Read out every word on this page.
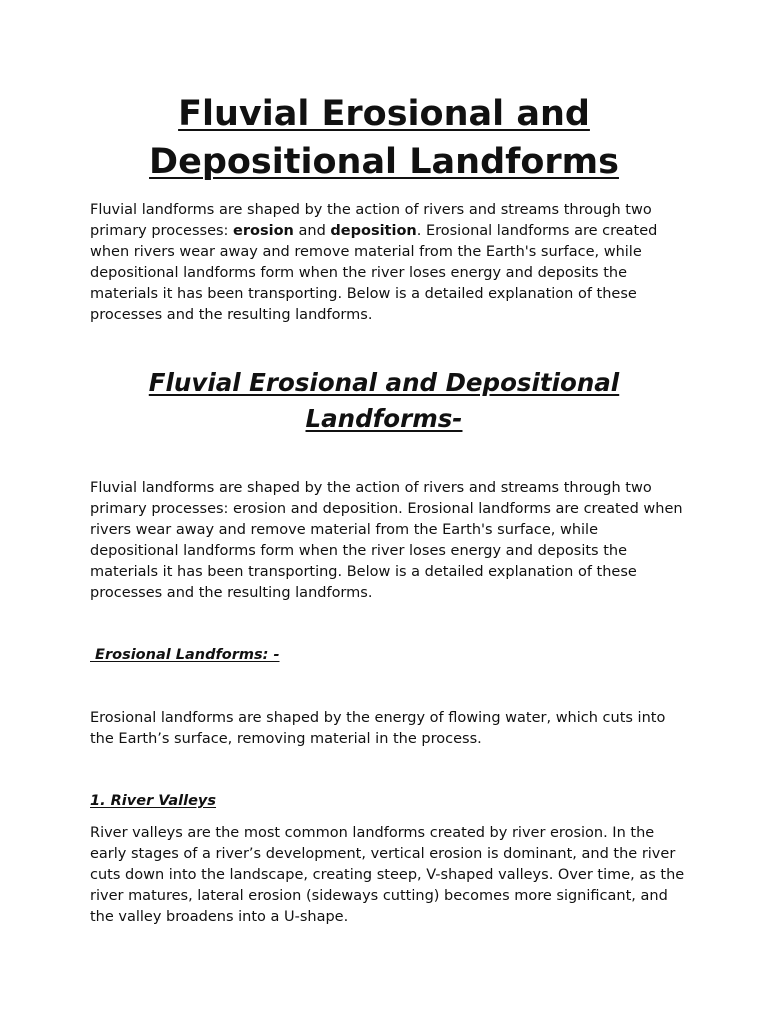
Fluvial Erosional and Depositional Landforms

Fluvial landforms are shaped by the action of rivers and streams through two primary processes: erosion and deposition. Erosional landforms are created when rivers wear away and remove material from the Earth's surface, while depositional landforms form when the river loses energy and deposits the materials it has been transporting. Below is a detailed explanation of these processes and the resulting landforms.

Fluvial Erosional and Depositional Landforms-

Fluvial landforms are shaped by the action of rivers and streams through two primary processes: erosion and deposition. Erosional landforms are created when rivers wear away and remove material from the Earth's surface, while depositional landforms form when the river loses energy and deposits the materials it has been transporting. Below is a detailed explanation of these processes and the resulting landforms.

Erosional Landforms: -

Erosional landforms are shaped by the energy of flowing water, which cuts into the Earth’s surface, removing material in the process.

1. River Valleys

River valleys are the most common landforms created by river erosion. In the early stages of a river’s development, vertical erosion is dominant, and the river cuts down into the landscape, creating steep, V-shaped valleys. Over time, as the river matures, lateral erosion (sideways cutting) becomes more significant, and the valley broadens into a U-shape.
